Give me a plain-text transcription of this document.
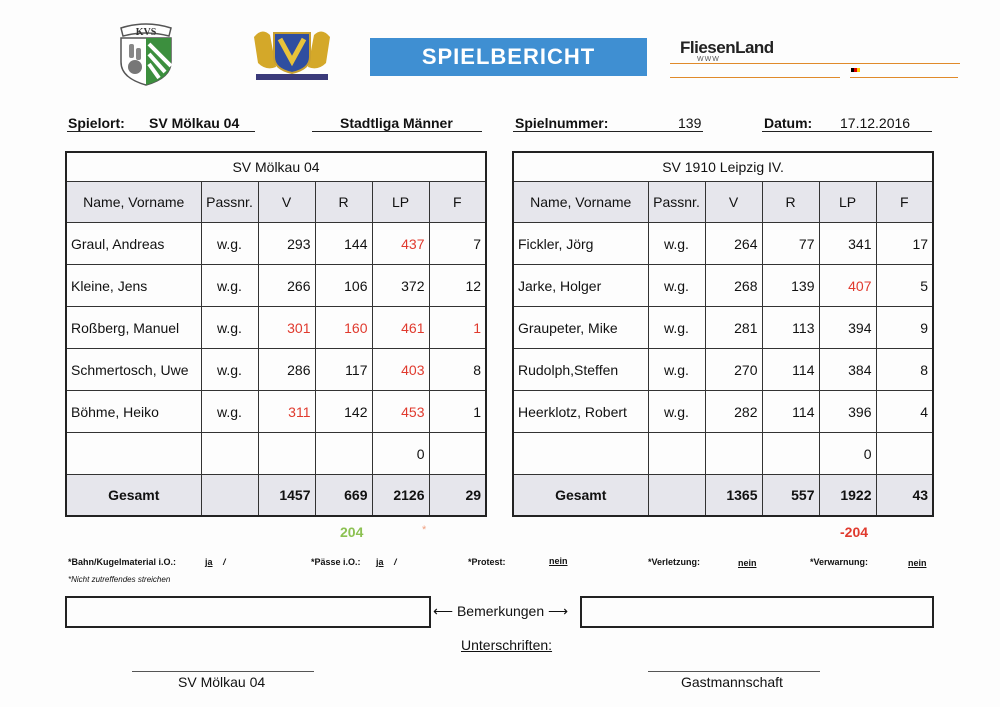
KVS
SPIELBERICHT	FliesenLand
WWW
Spielort: SV Mölkau 04	Stadtliga Männer	Spielnummer:	139	Datum: 17.12.2016
SV Mölkau 04					
Name, Vorname	Passnr.	V	R	LP	F
Graul, Andreas	w.g.	293	144	437	7
Kleine, Jens	w.g.	266	106	372	12
Roßberg, Manuel	w.g.	301	160	461	1
Schmertosch, Uwe	w.g.	286	117	403	8
Böhme, Heiko	w.g.	311	142	453	1
				0	
Gesamt		1457	669	2126	29
SV 1910 Leipzig IV.					
Name, Vorname	Passnr.	V	R	LP	F
Fickler, Jörg	w.g.	264	77	341	17
Jarke, Holger	w.g.	268	139	407	5
Graupeter, Mike	w.g.	281	113	394	9
Rudolph,Steffen	w.g.	270	114	384	8
Heerklotz, Robert	w.g.	282	114	396	4
				0	
Gesamt		1365	557	1922	43
204	*	-204
*Bahn/Kugelmaterial i.O.:	ja /	*Pässe i.O.: ja /	*Protest:	nein	*Verletzung:	nein	*Verwarnung:	nein
*Nicht zutreffendes streichen
⟵ Bemerkungen ⟶
Unterschriften:
SV Mölkau 04	Gastmannschaft
